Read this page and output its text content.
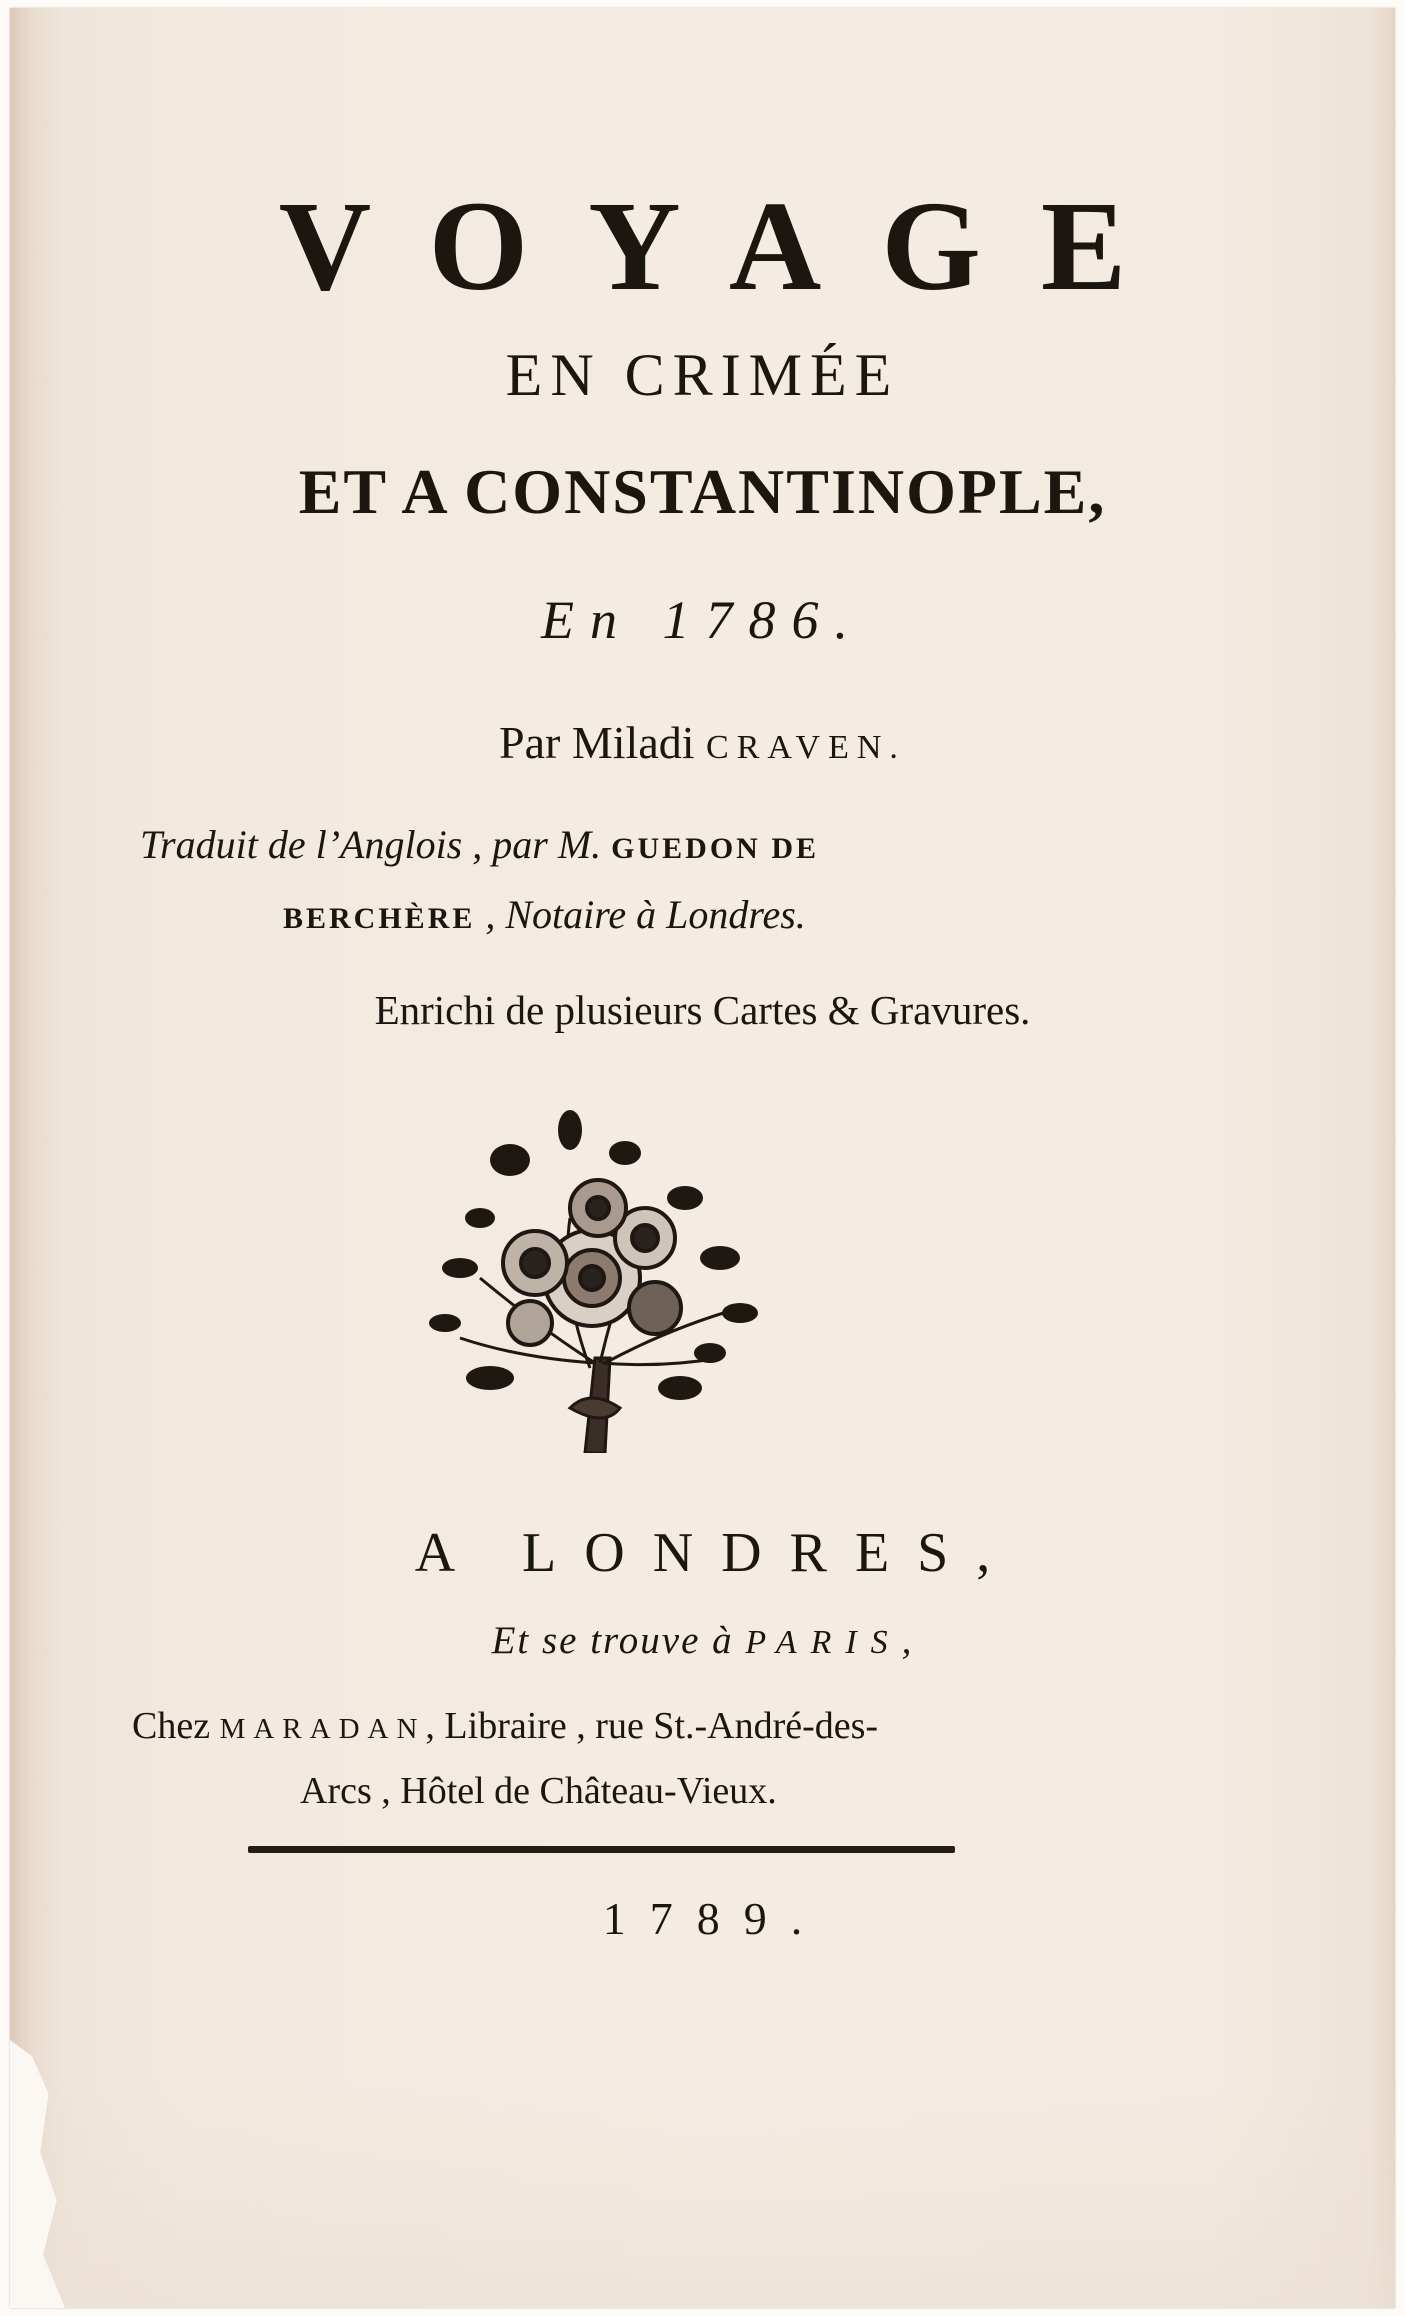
VOYAGE
EN CRIMÉE
ET A CONSTANTINOPLE,
En 1786.
Par Miladi CRAVEN.
Traduit de l’Anglois , par M. GUEDON DE
BERCHÈRE , Notaire à Londres.
Enrichi de plusieurs Cartes & Gravures.
A LONDRES,
Et se trouve à PARIS,
Chez MARADAN, Libraire , rue St.-André-des-
Arcs , Hôtel de Château-Vieux.
1789.
